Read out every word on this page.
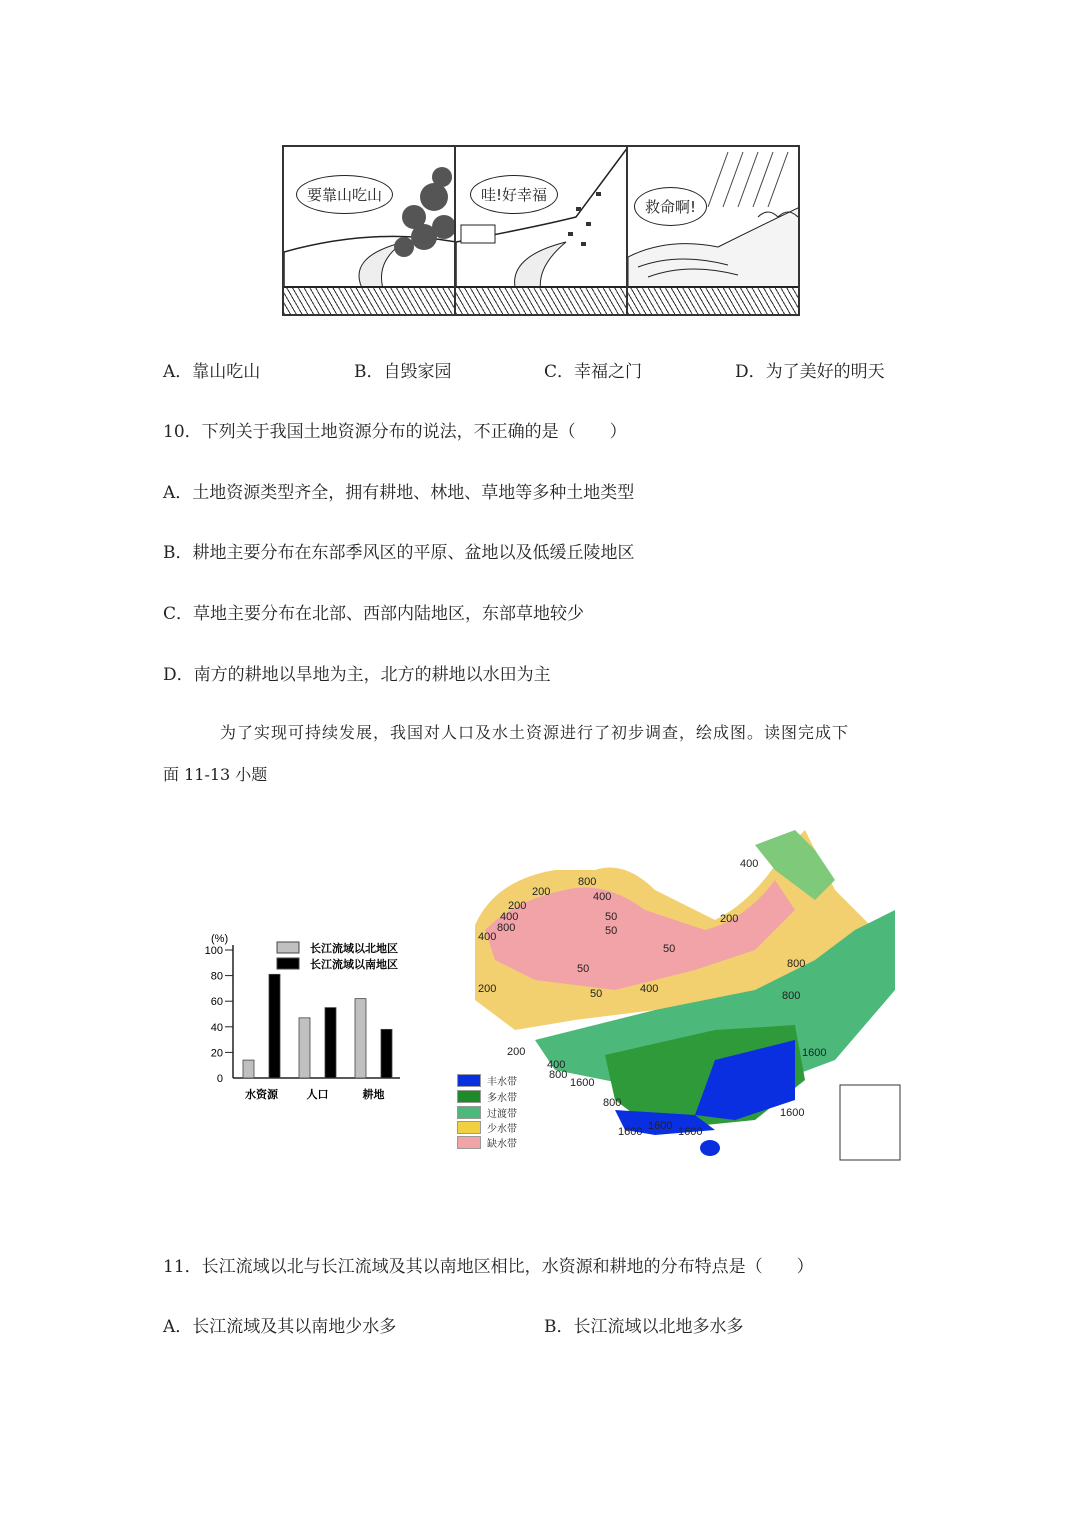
要靠山吃山	哇!好幸福
救命啊!
A．靠山吃山	B．自毁家园	C．幸福之门	D．为了美好的明天
10．下列关于我国土地资源分布的说法，不正确的是（　　）
A．土地资源类型齐全，拥有耕地、林地、草地等多种土地类型
B．耕地主要分布在东部季风区的平原、盆地以及低缓丘陵地区
C．草地主要分布在北部、西部内陆地区，东部草地较少
D．南方的耕地以旱地为主，北方的耕地以水田为主
为了实现可持续发展，我国对人口及水土资源进行了初步调查，绘成图。读图完成下
面 11-13 小题
(%)
0
20
40
60
80
100
水资源	人口	耕地
长江流域以北地区
长江流域以南地区
400
800
200	400
50
200
400
800
400
50
50
50	400
200
800
800
200
400
800
1600
800
1600
1600
1600 1600 1600
200
50
丰水带
多水带
过渡带
少水带
缺水带
11．长江流域以北与长江流域及其以南地区相比，水资源和耕地的分布特点是（　　）
A．长江流域及其以南地少水多	B．长江流域以北地多水多
